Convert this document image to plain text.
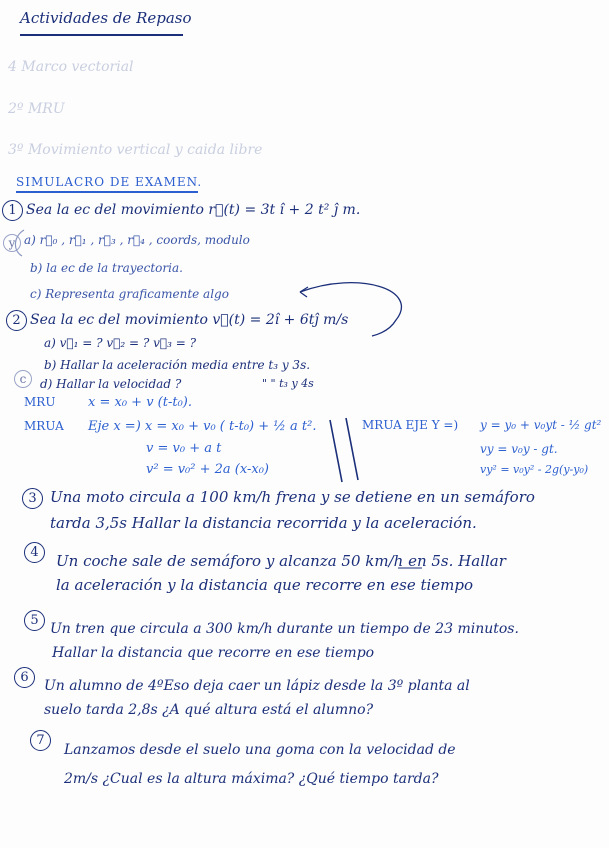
Actividades de Repaso
4 Marco vectorial
2º MRU
3º Movimiento vertical y caida libre
SIMULACRO DE EXAMEN.
1 Sea la ec del movimiento r⃗(t) = 3t î + 2 t² ĵ m.
y a) r⃗₀ , r⃗₁ , r⃗₃ , r⃗₄ , coords, modulo
b) la ec de la trayectoria.
c) Representa graficamente algo
2 Sea la ec del movimiento v⃗(t) = 2î + 6tĵ m/s
a) v⃗₁ = ? v⃗₂ = ? v⃗₃ = ?
b) Hallar la aceleración media entre t₃ y 3s.
c	d) Hallar la velocidad ?	" " t₃ y 4s
MRU	x = x₀ + v (t-t₀).
MRUA Eje x =) x = x₀ + v₀ ( t-t₀) + ½ a t².
v = v₀ + a t
v² = v₀² + 2a (x-x₀)
MRUA EJE Y =) y = y₀ + v₀yt - ½ gt²
vy = v₀y - gt.
vy² = v₀y² - 2g(y-y₀)
3 Una moto circula a 100 km/h frena y se detiene en un semáforo
tarda 3,5s Hallar la distancia recorrida y la aceleración.
4	Un coche sale de semáforo y alcanza 50 km/h en 5s. Hallar
la aceleración y la distancia que recorre en ese tiempo
5
Un tren que circula a 300 km/h durante un tiempo de 23 minutos.
Hallar la distancia que recorre en ese tiempo
6
Un alumno de 4ºEso deja caer un lápiz desde la 3º planta al
suelo tarda 2,8s ¿A qué altura está el alumno?
7
Lanzamos desde el suelo una goma con la velocidad de
2m/s ¿Cual es la altura máxima? ¿Qué tiempo tarda?
